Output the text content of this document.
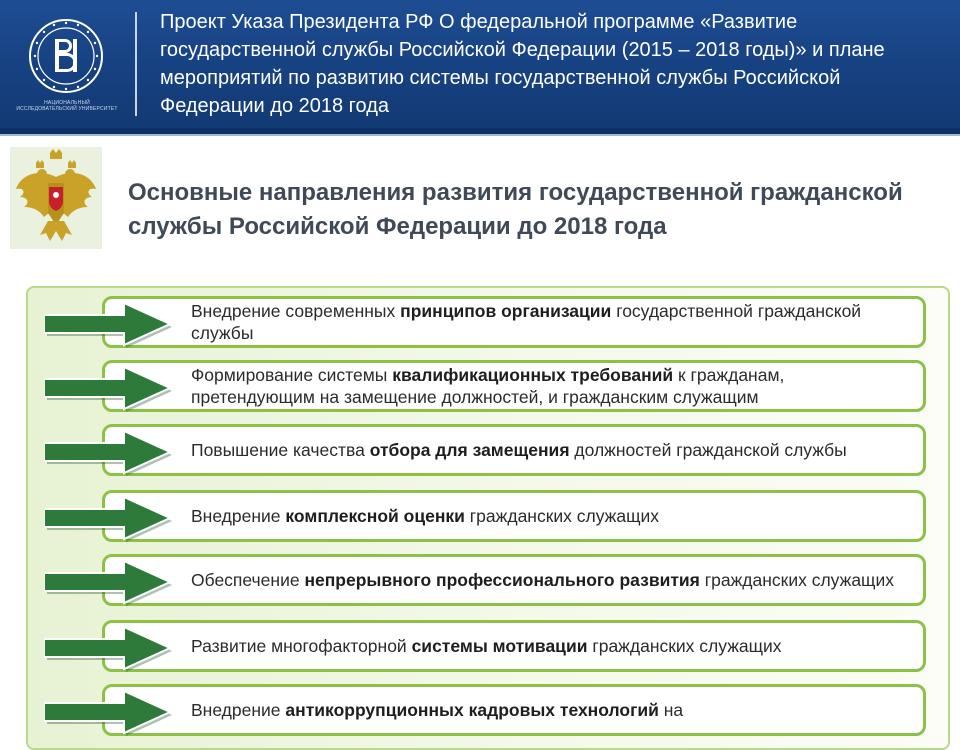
НАЦИОНАЛЬНЫЙ ИССЛЕДОВАТЕЛЬСКИЙ УНИВЕРСИТЕТ
Проект Указа Президента РФ О федеральной программе «Развитие государственной службы Российской Федерации (2015 – 2018 годы)» и плане мероприятий по развитию системы государственной службы Российской Федерации до 2018 года
Основные направления развития государственной гражданской службы Российской Федерации до 2018 года
Внедрение современных принципов организации государственной гражданской службы
Формирование системы квалификационных требований к гражданам, претендующим на замещение должностей, и гражданским служащим
Повышение качества отбора для замещения должностей гражданской службы
Внедрение комплексной оценки гражданских служащих
Обеспечение непрерывного профессионального развития гражданских служащих
Развитие многофакторной системы мотивации гражданских служащих
Внедрение антикоррупционных кадровых технологий на
